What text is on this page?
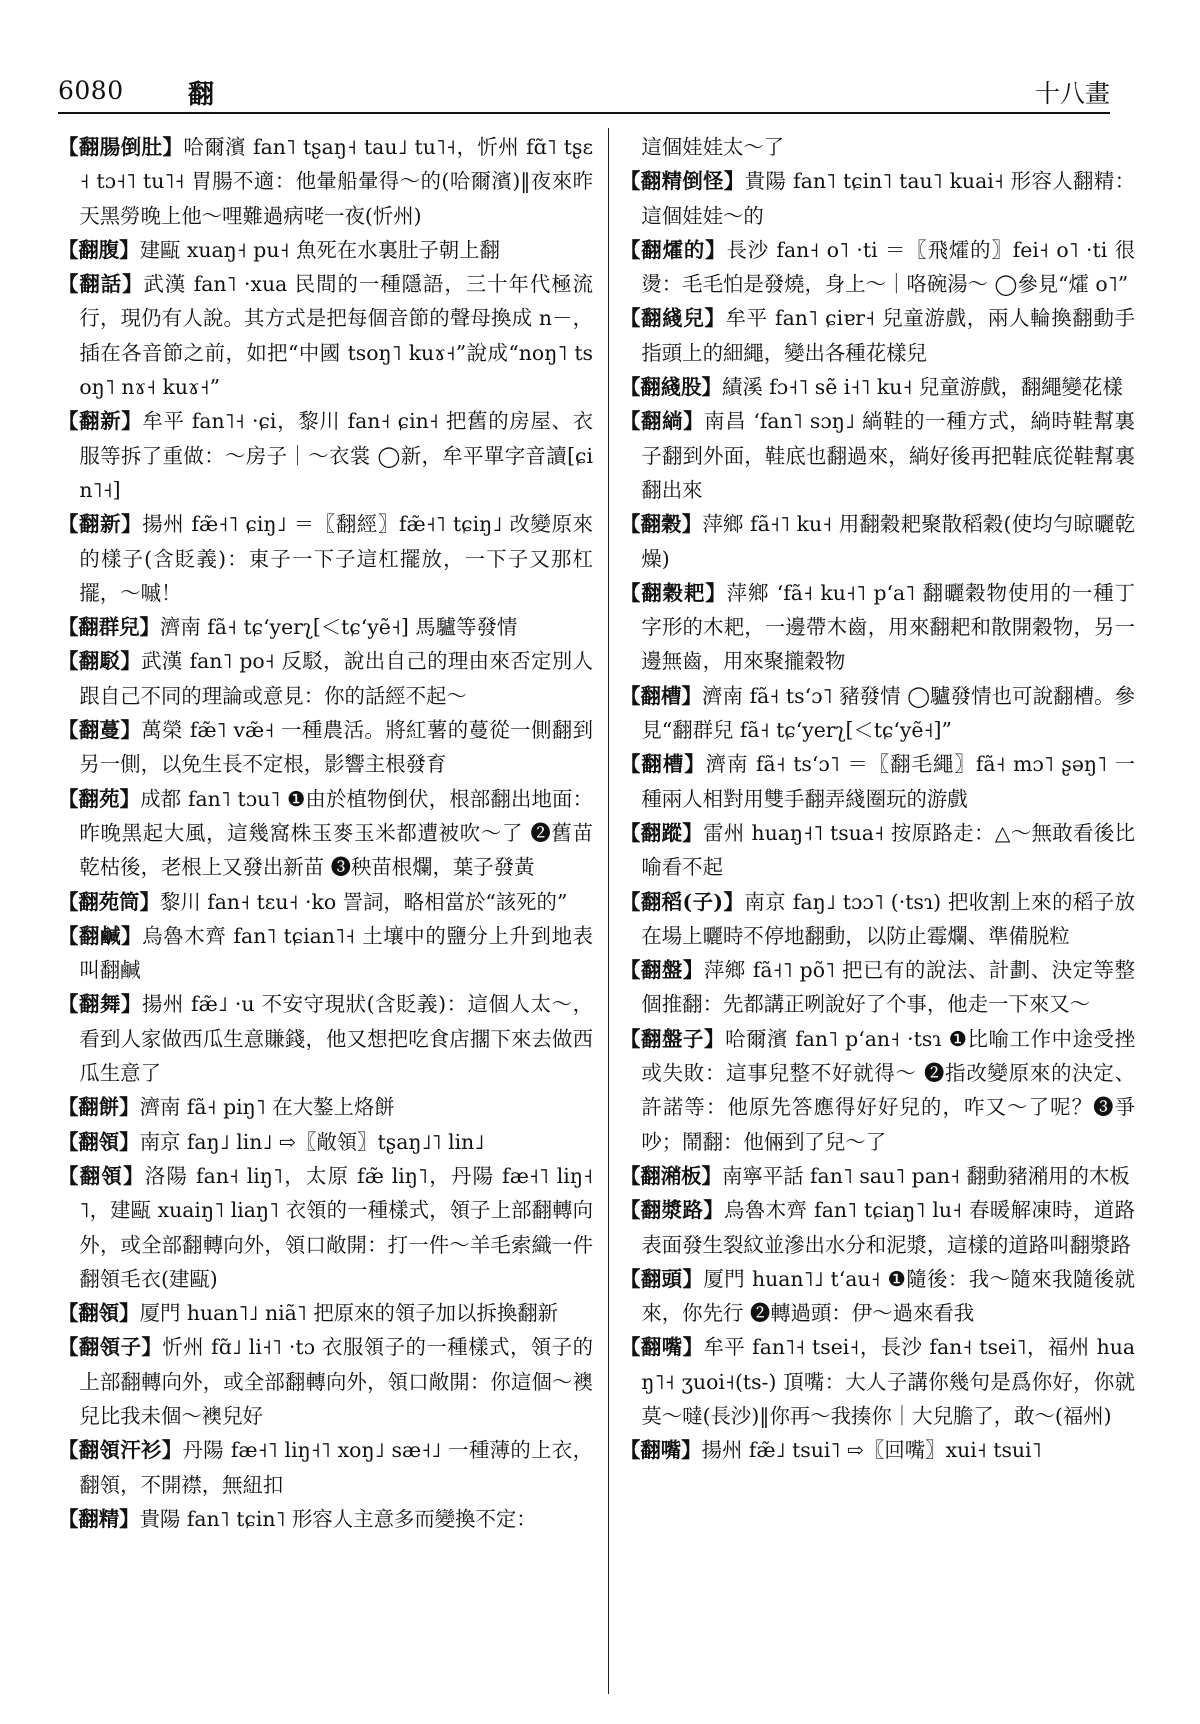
6080 翻	十八畫

【翻腸倒肚】哈爾濱 fan˥ tʂaŋ˧ tau˩ tu˥˧，忻州 fɑ̃˥ tʂɛ˧ tɔ˧˥ tu˥˧ 胃腸不適：他暈船暈得～的(哈爾濱)‖夜來昨天黑勞晚上他～哩難過病咾一夜(忻州)

【翻腹】建甌 xuaŋ˧ pu˧ 魚死在水裏肚子朝上翻

【翻話】武漢 fan˥ ·xua 民間的一種隱語，三十年代極流行，現仍有人說。其方式是把每個音節的聲母換成 n－，插在各音節之前，如把“中國 tsoŋ˥ kuɤ˧”說成“noŋ˥ tsoŋ˥ nɤ˧ kuɤ˧”

【翻新】牟平 fan˥˧ ·ɕi，黎川 fan˧ ɕin˧ 把舊的房屋、衣服等拆了重做：～房子｜～衣裳 ◯新，牟平單字音讀[ɕin˥˧]

【翻新】揚州 fæ̃˧˥ ɕiŋ˩ ＝〖翻經〗fæ̃˧˥ tɕiŋ˩ 改變原來的樣子(含貶義)：東子一下子這杠擺放，一下子又那杠擺，～嘁！

【翻群兒】濟南 fã˧ tɕʻyerʅ[＜tɕʻyẽ˧] 馬驢等發情

【翻駁】武漢 fan˥ po˧ 反駁，說出自己的理由來否定別人跟自己不同的理論或意見：你的話經不起～

【翻蔓】萬榮 fæ̃˥ væ̃˧ 一種農活。將紅薯的蔓從一側翻到另一側，以免生長不定根，影響主根發育

【翻苑】成都 fan˥ tɔu˥ ❶由於植物倒伏，根部翻出地面：昨晚黑起大風，這幾窩株玉麥玉米都遭被吹～了 ❷舊苗乾枯後，老根上又發出新苗 ❸秧苗根爛，葉子發黃

【翻苑筒】黎川 fan˧ tɛu˧ ·ko 詈詞，略相當於“該死的”

【翻鹹】烏魯木齊 fan˥ tɕian˥˧ 土壤中的鹽分上升到地表叫翻鹹

【翻舞】揚州 fæ̃˩ ·u 不安守現狀(含貶義)：這個人太～，看到人家做西瓜生意賺錢，他又想把吃食店擱下來去做西瓜生意了

【翻餅】濟南 fã˧ piŋ˥ 在大鏊上烙餅

【翻領】南京 faŋ˩ lin˩ ⇨〖敞領〗tʂaŋ˩˥ lin˩

【翻領】洛陽 fan˧ liŋ˥，太原 fæ̃ liŋ˥，丹陽 fæ˧˥ liŋ˧˥，建甌 xuaiŋ˥ liaŋ˥ 衣領的一種樣式，領子上部翻轉向外，或全部翻轉向外，領口敞開：打一件～羊毛索織一件翻領毛衣(建甌)

【翻領】厦門 huan˥˩ niã˥ 把原來的領子加以拆換翻新

【翻領子】忻州 fɑ̃˩ li˧˥ ·tɔ 衣服領子的一種樣式，領子的上部翻轉向外，或全部翻轉向外，領口敞開：你這個～襖兒比我未個～襖兒好

【翻領汗衫】丹陽 fæ˧˥ liŋ˧˥ xoŋ˩ sæ˧˩ 一種薄的上衣，翻領，不開襟，無紐扣

【翻精】貴陽 fan˥ tɕin˥ 形容人主意多而變換不定：

這個娃娃太～了

【翻精倒怪】貴陽 fan˥ tɕin˥ tau˥ kuai˧ 形容人翻精：這個娃娃～的

【翻㸌的】長沙 fan˧ o˥ ·ti ＝〖飛㸌的〗fei˧ o˥ ·ti 很燙：毛毛怕是發燒，身上～｜咯碗湯～ ◯參見“㸌 o˥”

【翻綫兒】牟平 fan˥ ɕiɐr˧ 兒童游戲，兩人輪換翻動手指頭上的細繩，變出各種花樣兒

【翻綫股】績溪 fɔ˧˥ sẽ i˧˥ ku˧ 兒童游戲，翻繩變花樣

【翻緔】南昌 ʻfan˥ sɔŋ˩ 緔鞋的一種方式，緔時鞋幫裏子翻到外面，鞋底也翻過來，緔好後再把鞋底從鞋幫裏翻出來

【翻穀】萍鄉 fã˧˥ ku˧ 用翻穀耙聚散稻穀(使均勻晾曬乾燥)

【翻穀耙】萍鄉 ʻfã˧ ku˧˥ pʻa˥ 翻曬穀物使用的一種丁字形的木耙，一邊帶木齒，用來翻耙和散開穀物，另一邊無齒，用來聚攏穀物

【翻槽】濟南 fã˧ tsʻɔ˥ 豬發情 ◯驢發情也可說翻槽。參見“翻群兒 fã˧ tɕʻyerʅ[＜tɕʻyẽ˧]”

【翻槽】濟南 fã˧ tsʻɔ˥ ＝〖翻毛繩〗fã˧ mɔ˥ ʂəŋ˥ 一種兩人相對用雙手翻弄綫圈玩的游戲

【翻蹤】雷州 huaŋ˧˥ tsua˧ 按原路走：△～無敢看後比喻看不起

【翻稻(子)】南京 faŋ˩ tɔɔ˥ (·tsɿ) 把收割上來的稻子放在場上曬時不停地翻動，以防止霉爛、準備脱粒

【翻盤】萍鄉 fã˧˥ põ˥ 把已有的說法、計劃、決定等整個推翻：先都講正咧說好了个事，他走一下來又～

【翻盤子】哈爾濱 fan˥ pʻan˧ ·tsɿ ❶比喻工作中途受挫或失敗：這事兒整不好就得～ ❷指改變原來的決定、許諾等：他原先答應得好好兒的，咋又～了呢？❸爭吵；鬧翻：他倆到了兒～了

【翻潲板】南寧平話 fan˥ sau˥ pan˧ 翻動豬潲用的木板

【翻漿路】烏魯木齊 fan˥ tɕiaŋ˥ lu˧ 春暖解凍時，道路表面發生裂紋並滲出水分和泥漿，這樣的道路叫翻漿路

【翻頭】厦門 huan˥˩ tʻau˧ ❶隨後：我～隨來我隨後就來，你先行 ❷轉過頭：伊～過來看我

【翻嘴】牟平 fan˥˧ tsei˧，長沙 fan˧ tsei˥，福州 huaŋ˥˧ ʒuoi˧(ts-) 頂嘴：大人子講你幾句是爲你好，你就莫～噠(長沙)‖你再～我揍你｜大兒膽了，敢～(福州)

【翻嘴】揚州 fæ̃˩ tsui˥ ⇨〖回嘴〗xui˧ tsui˥
